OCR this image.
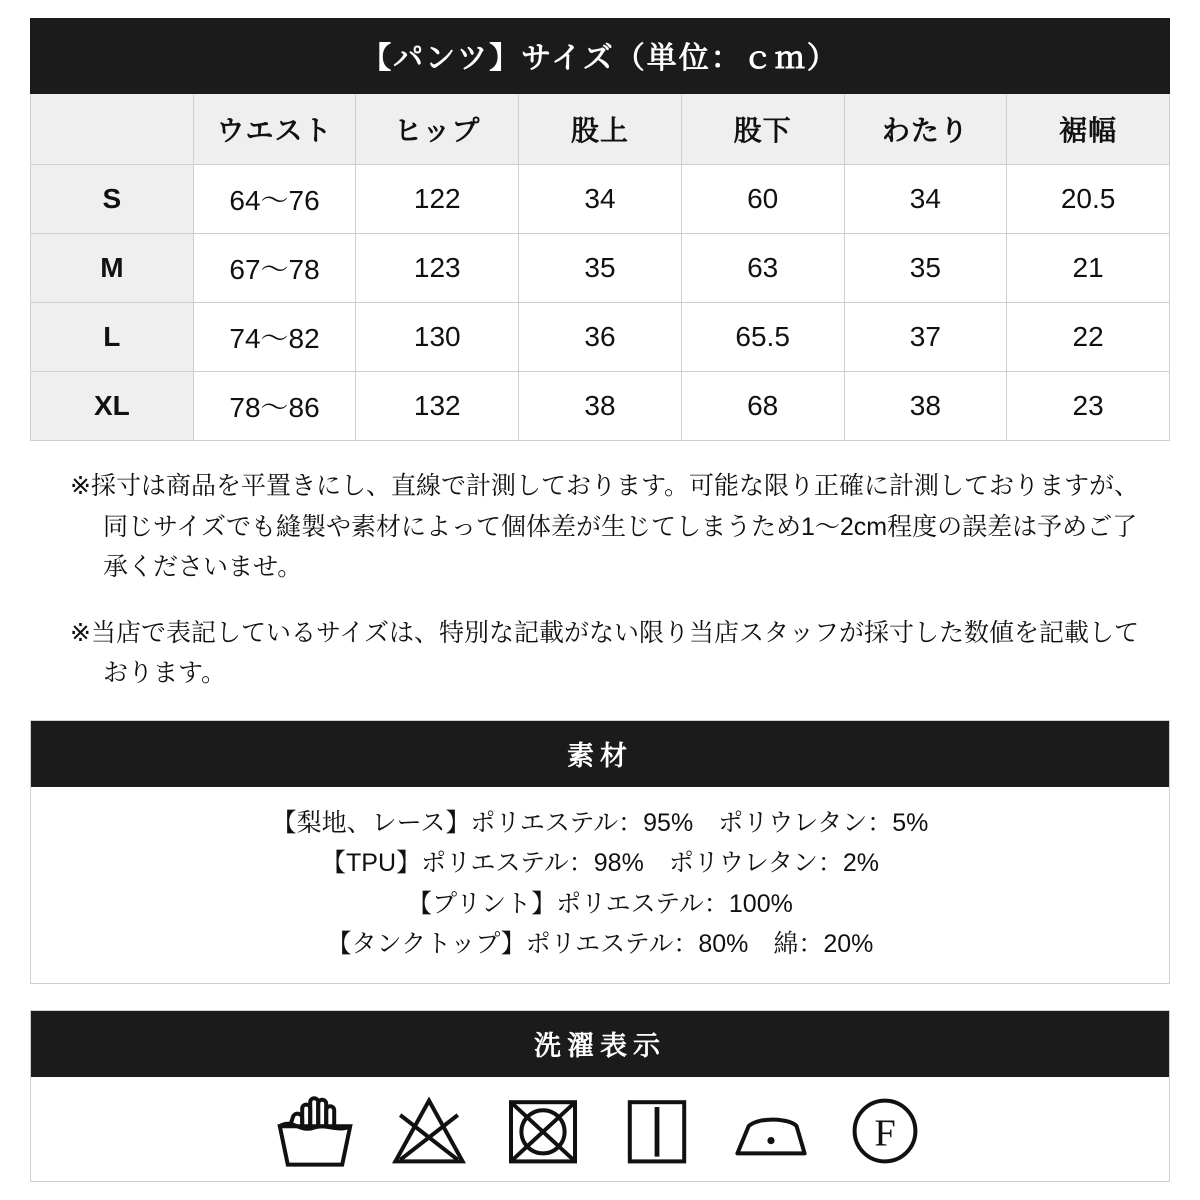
【パンツ】サイズ（単位：ｃｍ）						
	ウエスト	ヒップ	股上	股下	わたり	裾幅
S	64〜76	122	34	60	34	20.5
M	67〜78	123	35	63	35	21
L	74〜82	130	36	65.5	37	22
XL	78〜86	132	38	68	38	23

※採寸は商品を平置きにし、直線で計測しております。可能な限り正確に計測しておりますが、同じサイズでも縫製や素材によって個体差が生じてしまうため1〜2cm程度の誤差は予めご了承くださいませ。

※当店で表記しているサイズは、特別な記載がない限り当店スタッフが採寸した数値を記載しております。

素材
【梨地、レース】ポリエステル：95%　ポリウレタン：5%
【TPU】ポリエステル：98%　ポリウレタン：2%
【プリント】ポリエステル：100%
【タンクトップ】ポリエステル：80%　綿：20%
洗濯表示
F
